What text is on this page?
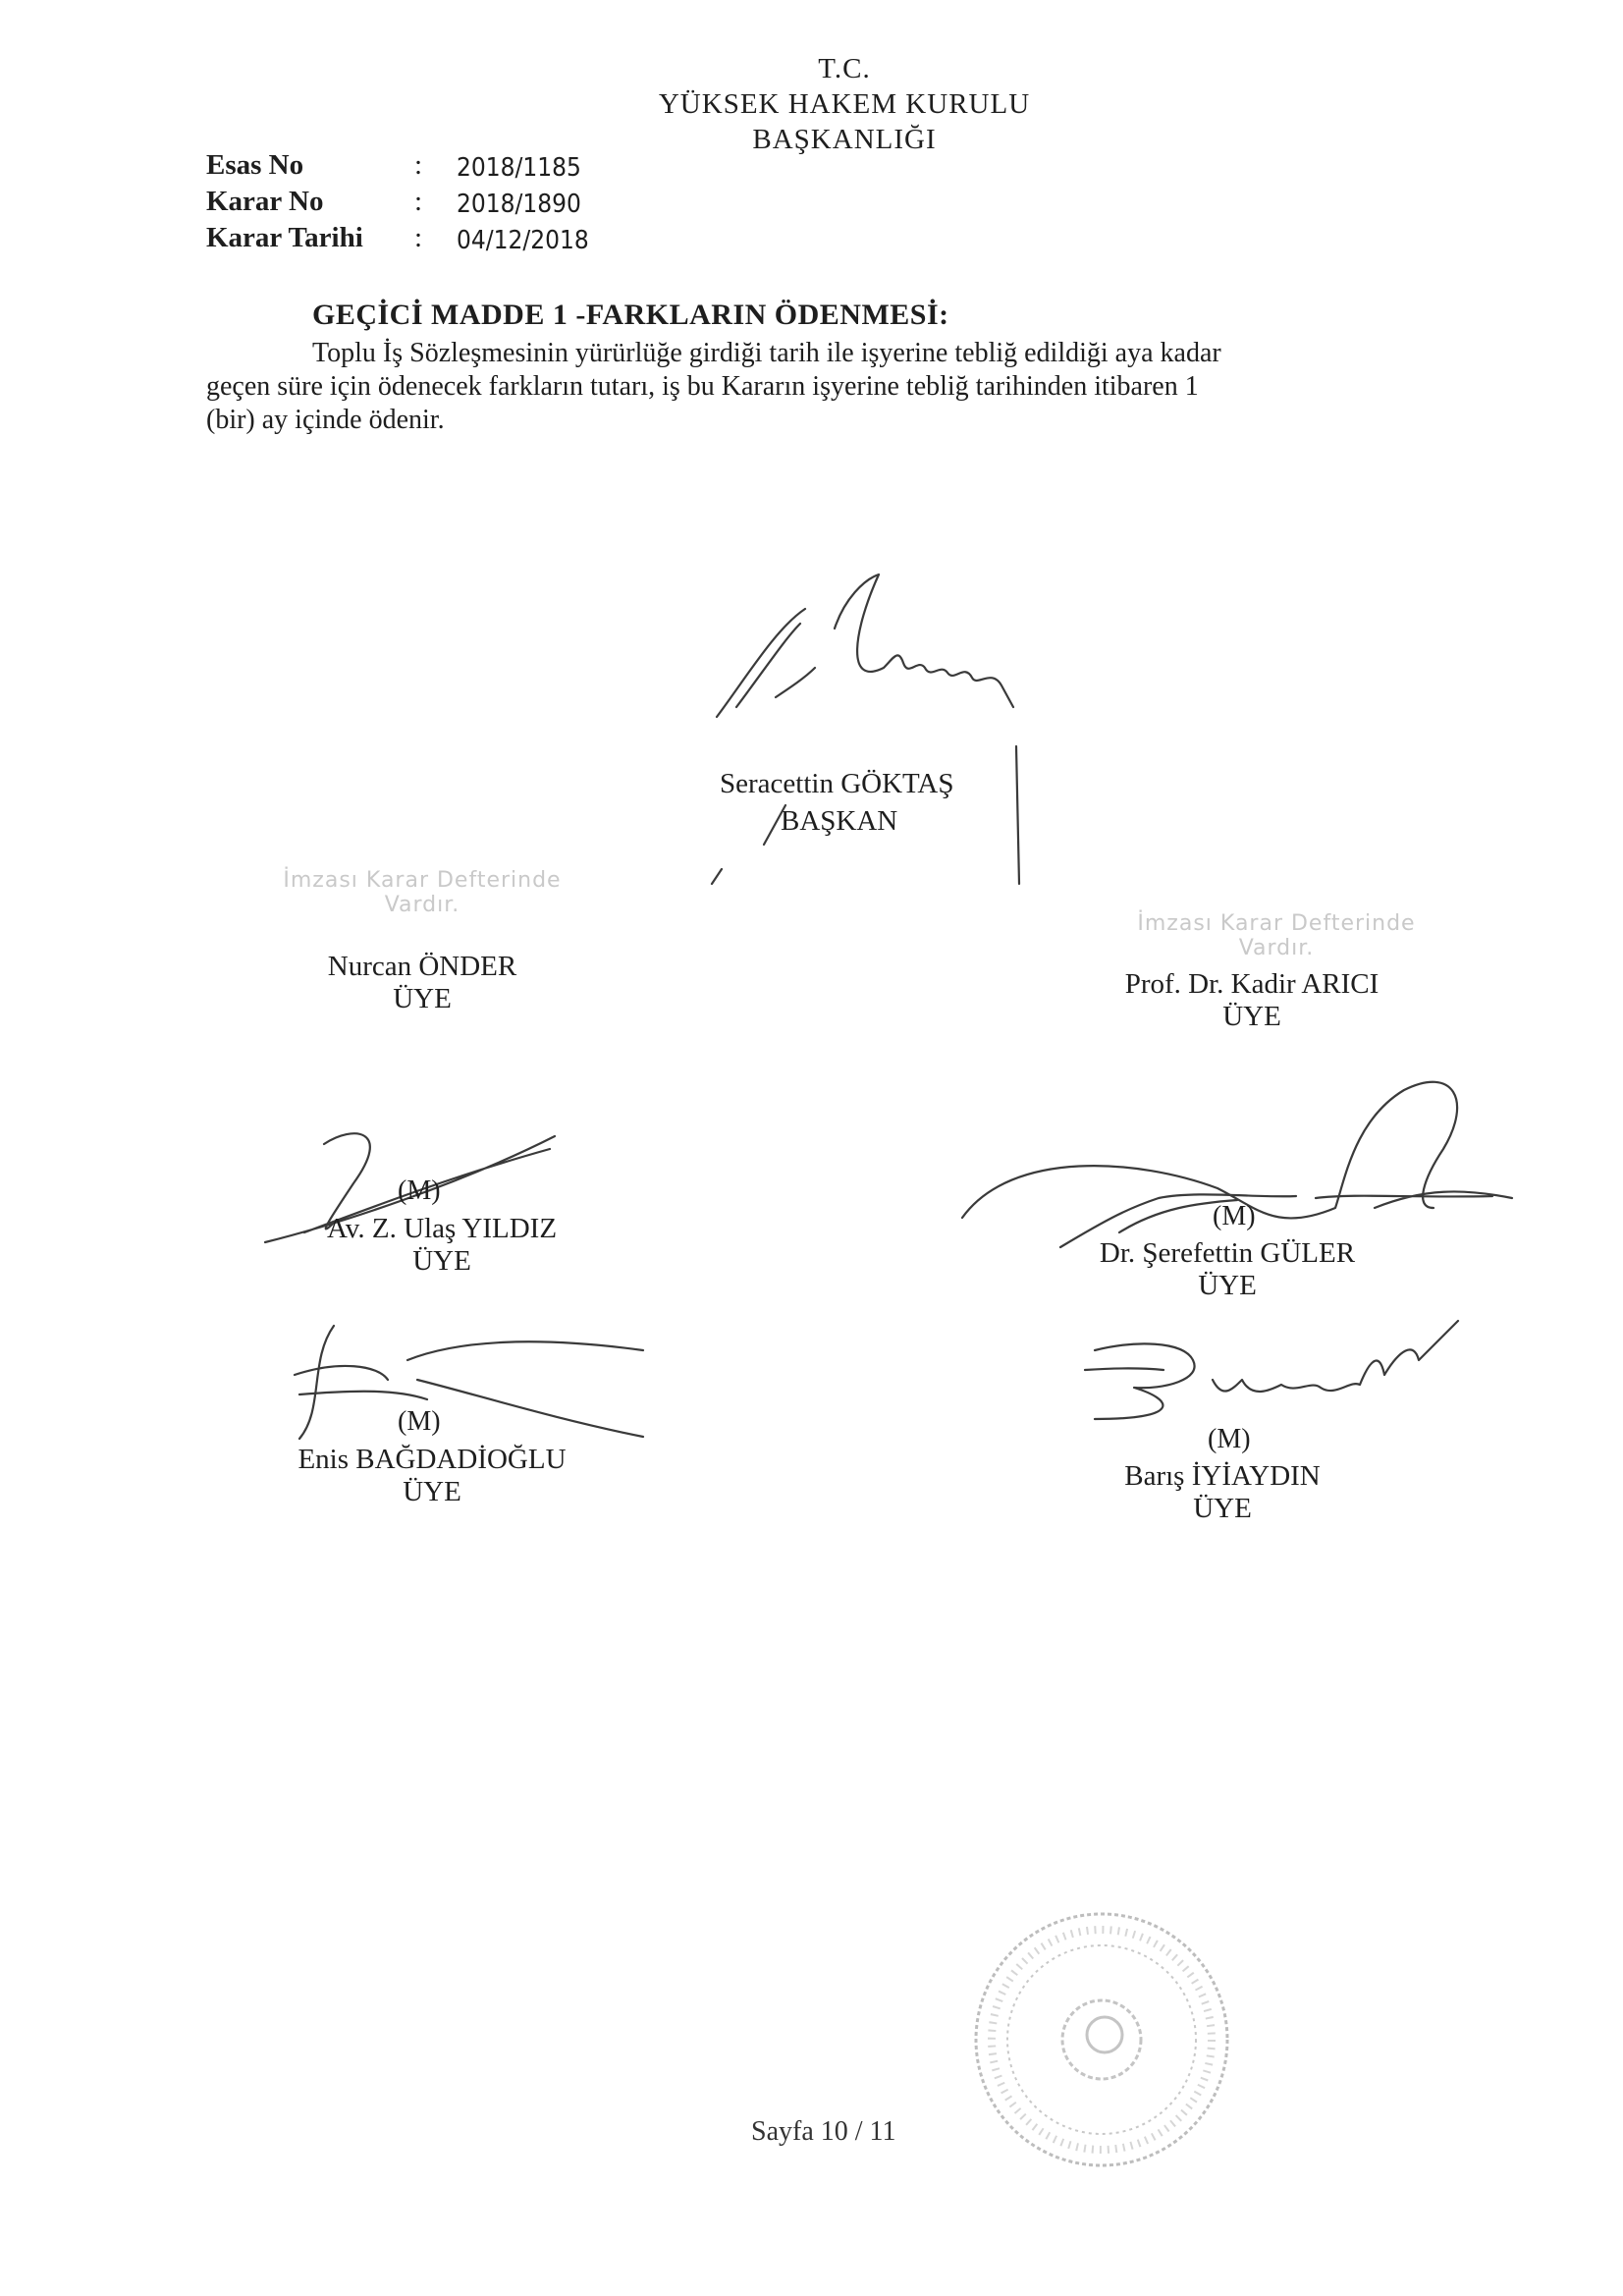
T.C.
YÜKSEK HAKEM KURULU
BAŞKANLIĞI
Esas No	: 2018/1185
Karar No	: 2018/1890
Karar Tarihi : 04/12/2018
GEÇİCİ MADDE 1 -FARKLARIN ÖDENMESİ:
Toplu İş Sözleşmesinin yürürlüğe girdiği tarih ile işyerine tebliğ edildiği aya kadar
geçen süre için ödenecek farkların tutarı, iş bu Kararın işyerine tebliğ tarihinden itibaren 1
(bir) ay içinde ödenir.
Seracettin GÖKTAŞ
BAŞKAN
İmzası Karar Defterinde
Vardır.
Nurcan ÖNDER
ÜYE
İmzası Karar Defterinde
Vardır.
Prof. Dr. Kadir ARICI
ÜYE
(M)
Av. Z. Ulaş YILDIZ
ÜYE
(M)
Dr. Şerefettin GÜLER
ÜYE
(M)
Enis BAĞDADİOĞLU
ÜYE
(M)
Barış İYİAYDIN
ÜYE
Sayfa 10 / 11
